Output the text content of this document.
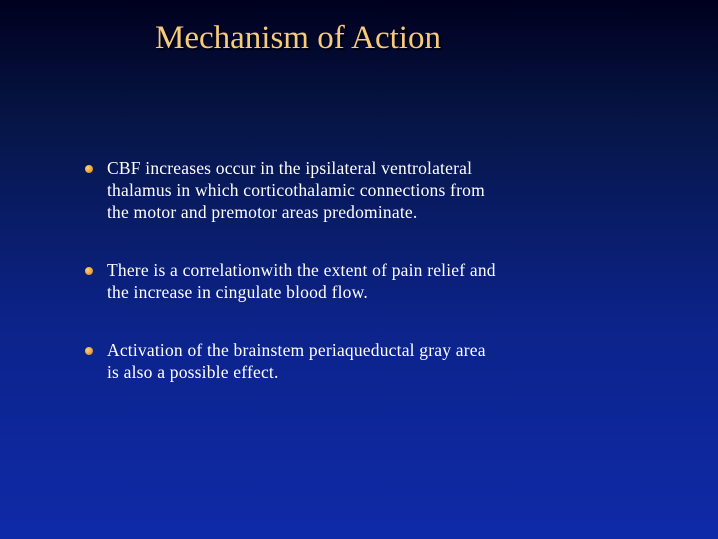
Mechanism of Action
CBF increases occur in the ipsilateral ventrolateral
thalamus in which corticothalamic connections from
the motor and premotor areas predominate.
There is a correlationwith the extent of pain relief and
the increase in cingulate blood flow.
Activation of the brainstem periaqueductal gray area
is also a possible effect.
